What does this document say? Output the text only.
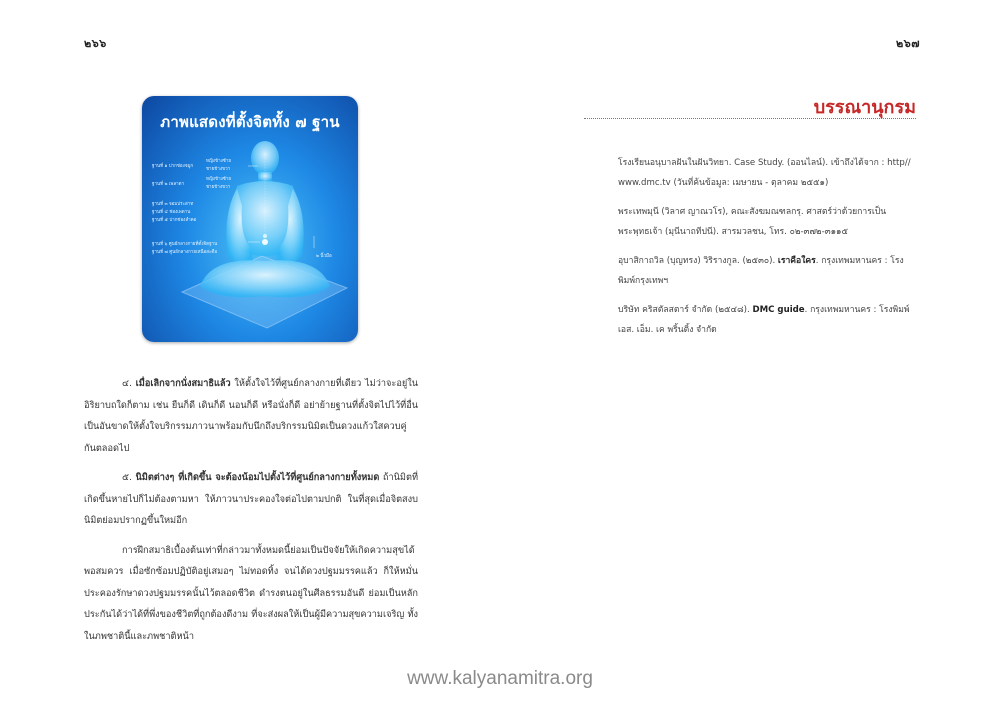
๒๖๖	๒๖๗
ภาพแสดงที่ตั้งจิตทั้ง ๗ ฐาน
ฐานที่ ๑ ปากช่องจมูก
หญิงข้างซ้าย
ชายข้างขวา
ฐานที่ ๒ เพลาตา
หญิงข้างซ้าย
ชายข้างขวา
ฐานที่ ๓ จอมประสาท
ฐานที่ ๔ ช่องเพดาน
ฐานที่ ๕ ปากช่องลำคอ
ฐานที่ ๖ ศูนย์กลางกายที่ตั้งจิตฐาน
ฐานที่ ๗ ศูนย์กลางกายเหนือสะดือ
๒ นิ้วมือ

๔. เมื่อเลิกจากนั่งสมาธิแล้ว ให้ตั้งใจไว้ที่ศูนย์กลางกายที่เดียว ไม่ว่าจะอยู่ในอิริยาบถใดก็ตาม เช่น ยืนก็ดี เดินก็ดี นอนก็ดี หรือนั่งก็ดี อย่าย้ายฐานที่ตั้งจิตไปไว้ที่อื่นเป็นอันขาดให้ตั้งใจบริกรรมภาวนาพร้อมกับนึกถึงบริกรรมนิมิตเป็นดวงแก้วใสควบคู่กันตลอดไป

๕. นิมิตต่างๆ ที่เกิดขึ้น จะต้องน้อมไปตั้งไว้ที่ศูนย์กลางกายทั้งหมด ถ้านิมิตที่เกิดขึ้นหายไปก็ไม่ต้องตามหา ให้ภาวนาประคองใจต่อไปตามปกติ ในที่สุดเมื่อจิตสงบนิมิตย่อมปรากฏขึ้นใหม่อีก

การฝึกสมาธิเบื้องต้นเท่าที่กล่าวมาทั้งหมดนี้ย่อมเป็นปัจจัยให้เกิดความสุขได้พอสมควร เมื่อซักซ้อมปฏิบัติอยู่เสมอๆ ไม่ทอดทิ้ง จนได้ดวงปฐมมรรคแล้ว ก็ให้หมั่นประคองรักษาดวงปฐมมรรคนั้นไว้ตลอดชีวิต ดำรงตนอยู่ในศีลธรรมอันดี ย่อมเป็นหลักประกันได้ว่าได้ที่พึ่งของชีวิตที่ถูกต้องดีงาม ที่จะส่งผลให้เป็นผู้มีความสุขความเจริญ ทั้งในภพชาตินี้และภพชาติหน้า

บรรณานุกรม
โรงเรียนอนุบาลฝันในฝันวิทยา. Case Study. (ออนไลน์). เข้าถึงได้จาก : http// www.dmc.tv (วันที่ค้นข้อมูล: เมษายน - ตุลาคม ๒๕๕๑)
พระเทพมุนี (วิลาศ ญาณวโร), คณะสังฆมณฑลกรุ. ศาสตร์ว่าด้วยการเป็นพระพุทธเจ้า (มุนีนาถทีปนี). สารมวลชน, โทร. ๐๒-๓๗๒-๓๑๑๕
อุบาสิกาถวิล (บุญทรง) วิริรางกูล. (๒๕๓๐). เราคือใคร. กรุงเทพมหานคร : โรงพิมพ์กรุงเทพฯ
บริษัท คริสตัลสตาร์ จำกัด (๒๕๔๘). DMC guide. กรุงเทพมหานคร : โรงพิมพ์ เอส. เอ็ม. เค พริ้นติ้ง จำกัด
www.kalyanamitra.org
